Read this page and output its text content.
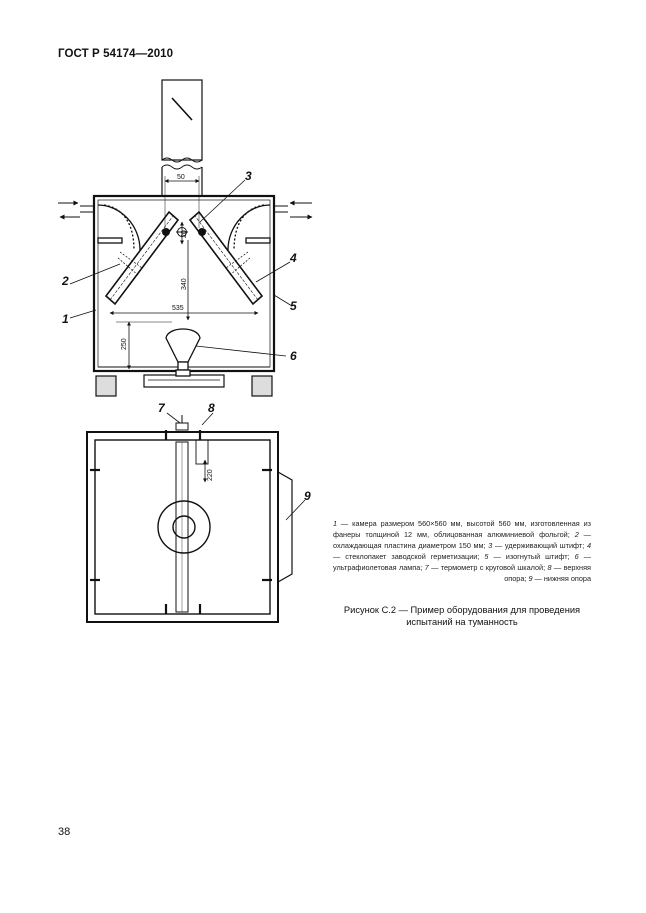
ГОСТ Р 54174—2010
50
20
340
535
250
2
3
4
5
1
6
220
7	8
9
1 — камера размером 560×560 мм, высотой 560 мм, изготовленная из фанеры толщиной 12 мм, облицованная алюминиевой фольгой; 2 — охлаждающая пластина диаметром 150 мм; 3 — удерживающий штифт; 4 — стеклопакет заводской герметизации; 5 — изогнутый штифт; 6 — ультрафиолетовая лампа; 7 — термометр с круговой шкалой; 8 — верхняя опора; 9 — нижняя опора
Рисунок С.2 — Пример оборудования для проведения испытаний на туманность
38
